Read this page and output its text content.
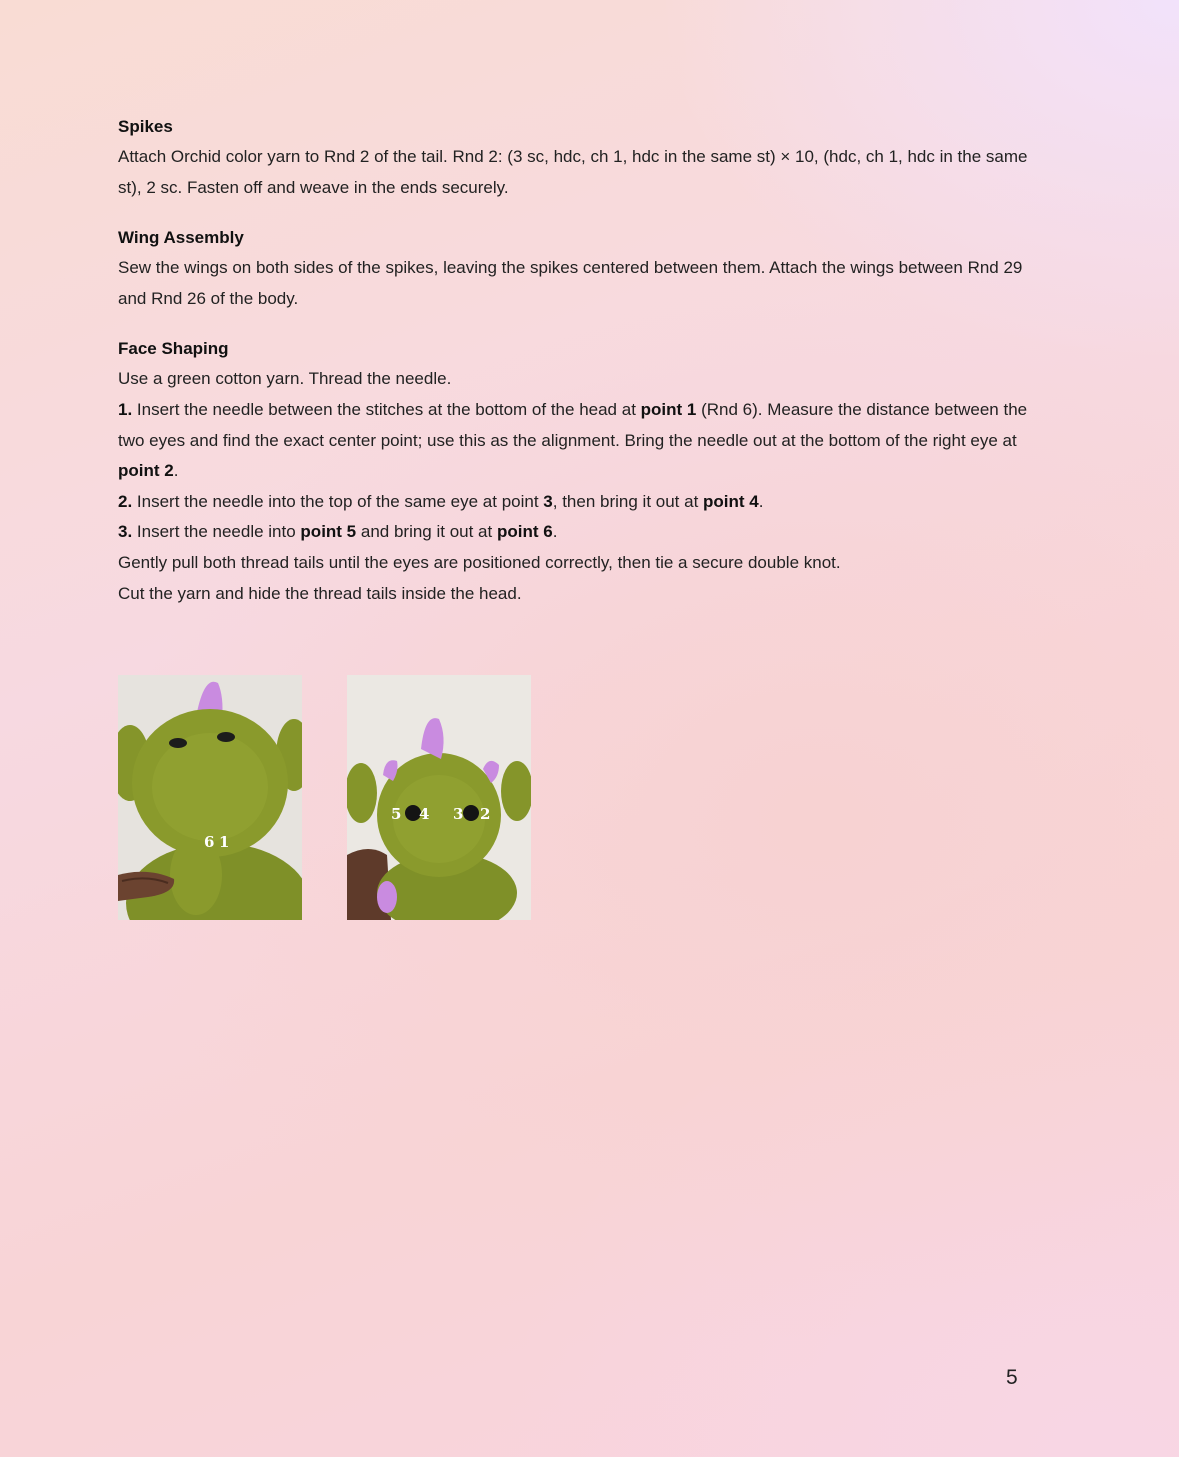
Spikes

Attach Orchid color yarn to Rnd 2 of the tail. Rnd 2: (3 sc, hdc, ch 1, hdc in the same st) × 10, (hdc, ch 1, hdc in the same st), 2 sc. Fasten off and weave in the ends securely.

Wing Assembly

Sew the wings on both sides of the spikes, leaving the spikes centered between them. Attach the wings between Rnd 29 and Rnd 26 of the body.

Face Shaping

Use a green cotton yarn. Thread the needle.

1. Insert the needle between the stitches at the bottom of the head at point 1 (Rnd 6). Measure the distance between the two eyes and find the exact center point; use this as the alignment. Bring the needle out at the bottom of the right eye at point 2.

2. Insert the needle into the top of the same eye at point 3, then bring it out at point 4.

3. Insert the needle into point 5 and bring it out at point 6.

Gently pull both thread tails until the eyes are positioned correctly, then tie a secure double knot.

Cut the yarn and hide the thread tails inside the head.

6 1
5 4 3 2
5
